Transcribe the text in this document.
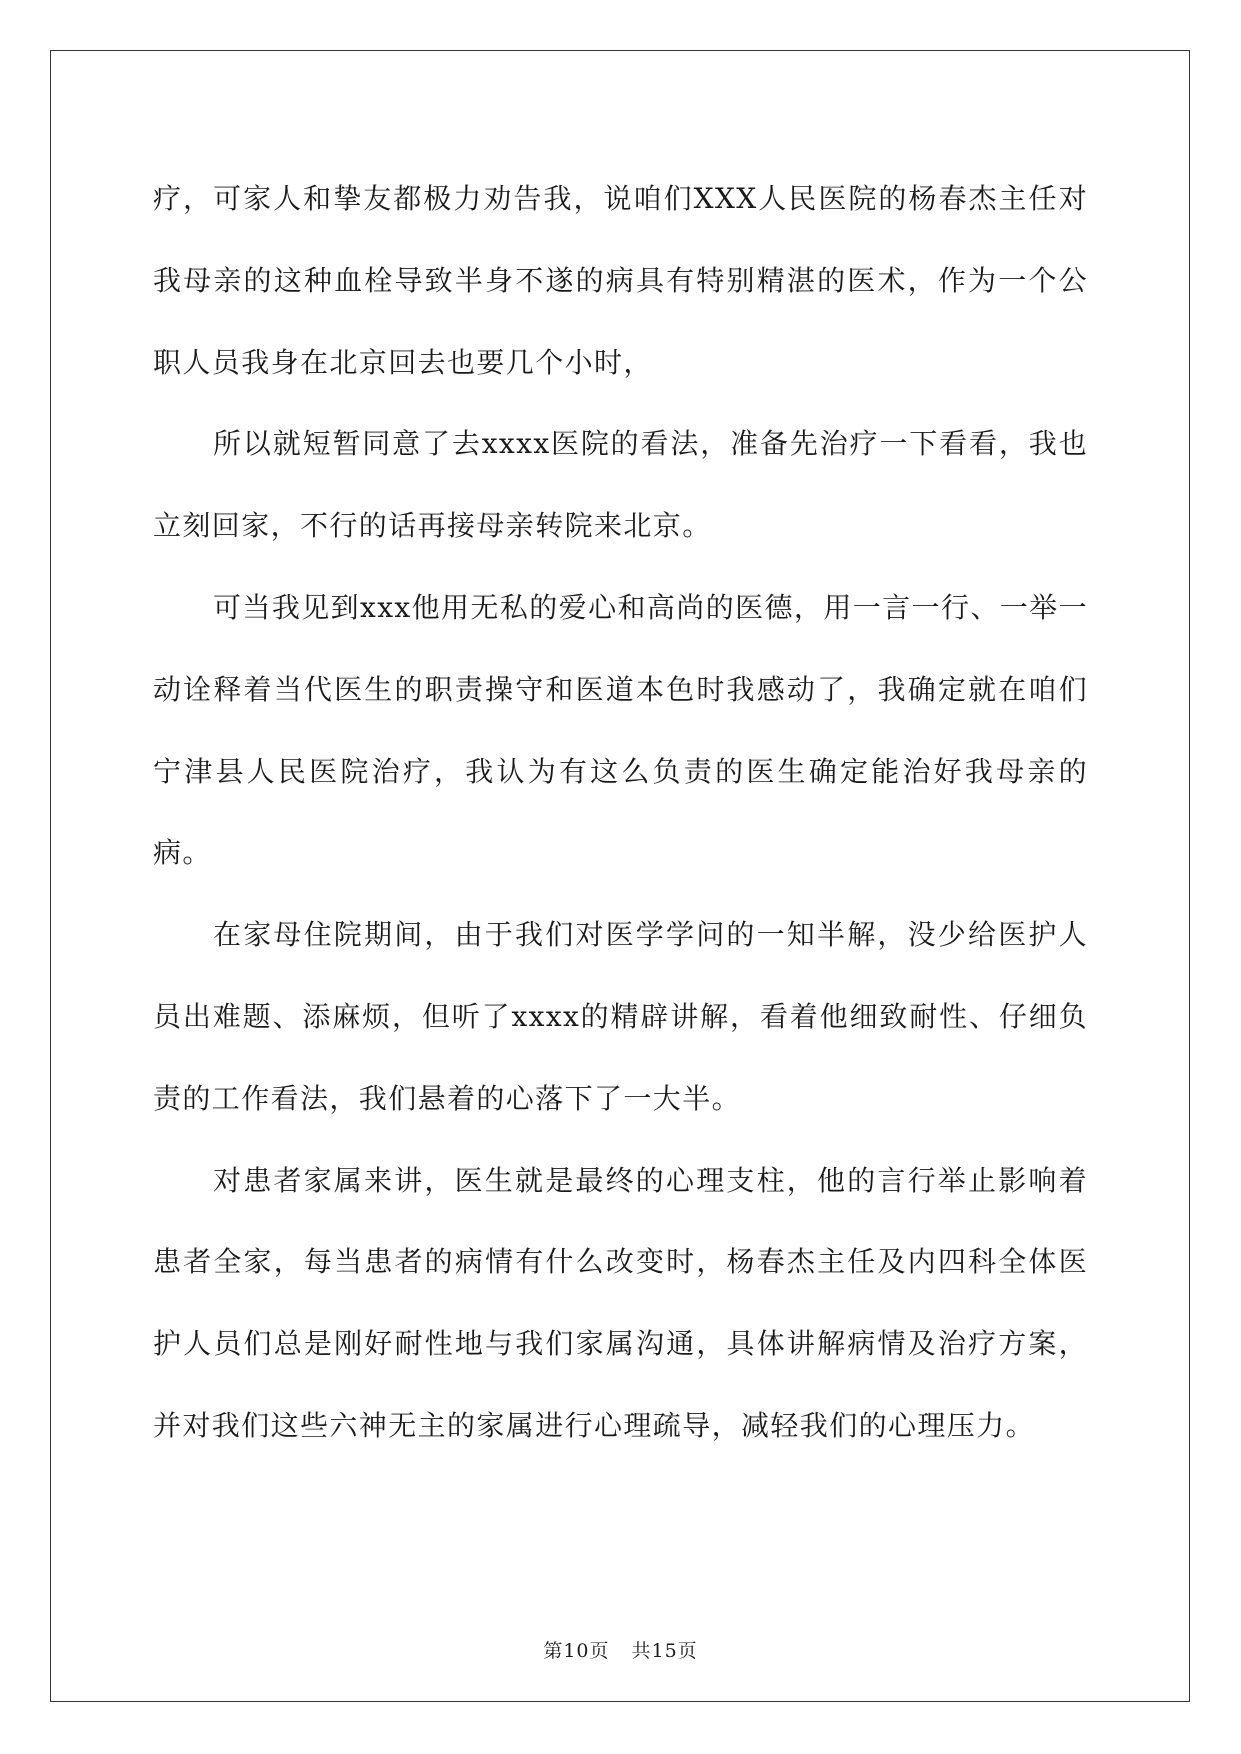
疗，可家人和挚友都极力劝告我，说咱们XXX人民医院的杨春杰主任对我母亲的这种血栓导致半身不遂的病具有特别精湛的医术，作为一个公职人员我身在北京回去也要几个小时，

所以就短暂同意了去xxxx医院的看法，准备先治疗一下看看，我也立刻回家，不行的话再接母亲转院来北京。

可当我见到xxx他用无私的爱心和高尚的医德，用一言一行、一举一动诠释着当代医生的职责操守和医道本色时我感动了，我确定就在咱们宁津县人民医院治疗，我认为有这么负责的医生确定能治好我母亲的病。

在家母住院期间，由于我们对医学学问的一知半解，没少给医护人员出难题、添麻烦，但听了xxxx的精辟讲解，看着他细致耐性、仔细负责的工作看法，我们悬着的心落下了一大半。

对患者家属来讲，医生就是最终的心理支柱，他的言行举止影响着患者全家，每当患者的病情有什么改变时，杨春杰主任及内四科全体医护人员们总是刚好耐性地与我们家属沟通，具体讲解病情及治疗方案，并对我们这些六神无主的家属进行心理疏导，减轻我们的心理压力。

第10页 共15页
